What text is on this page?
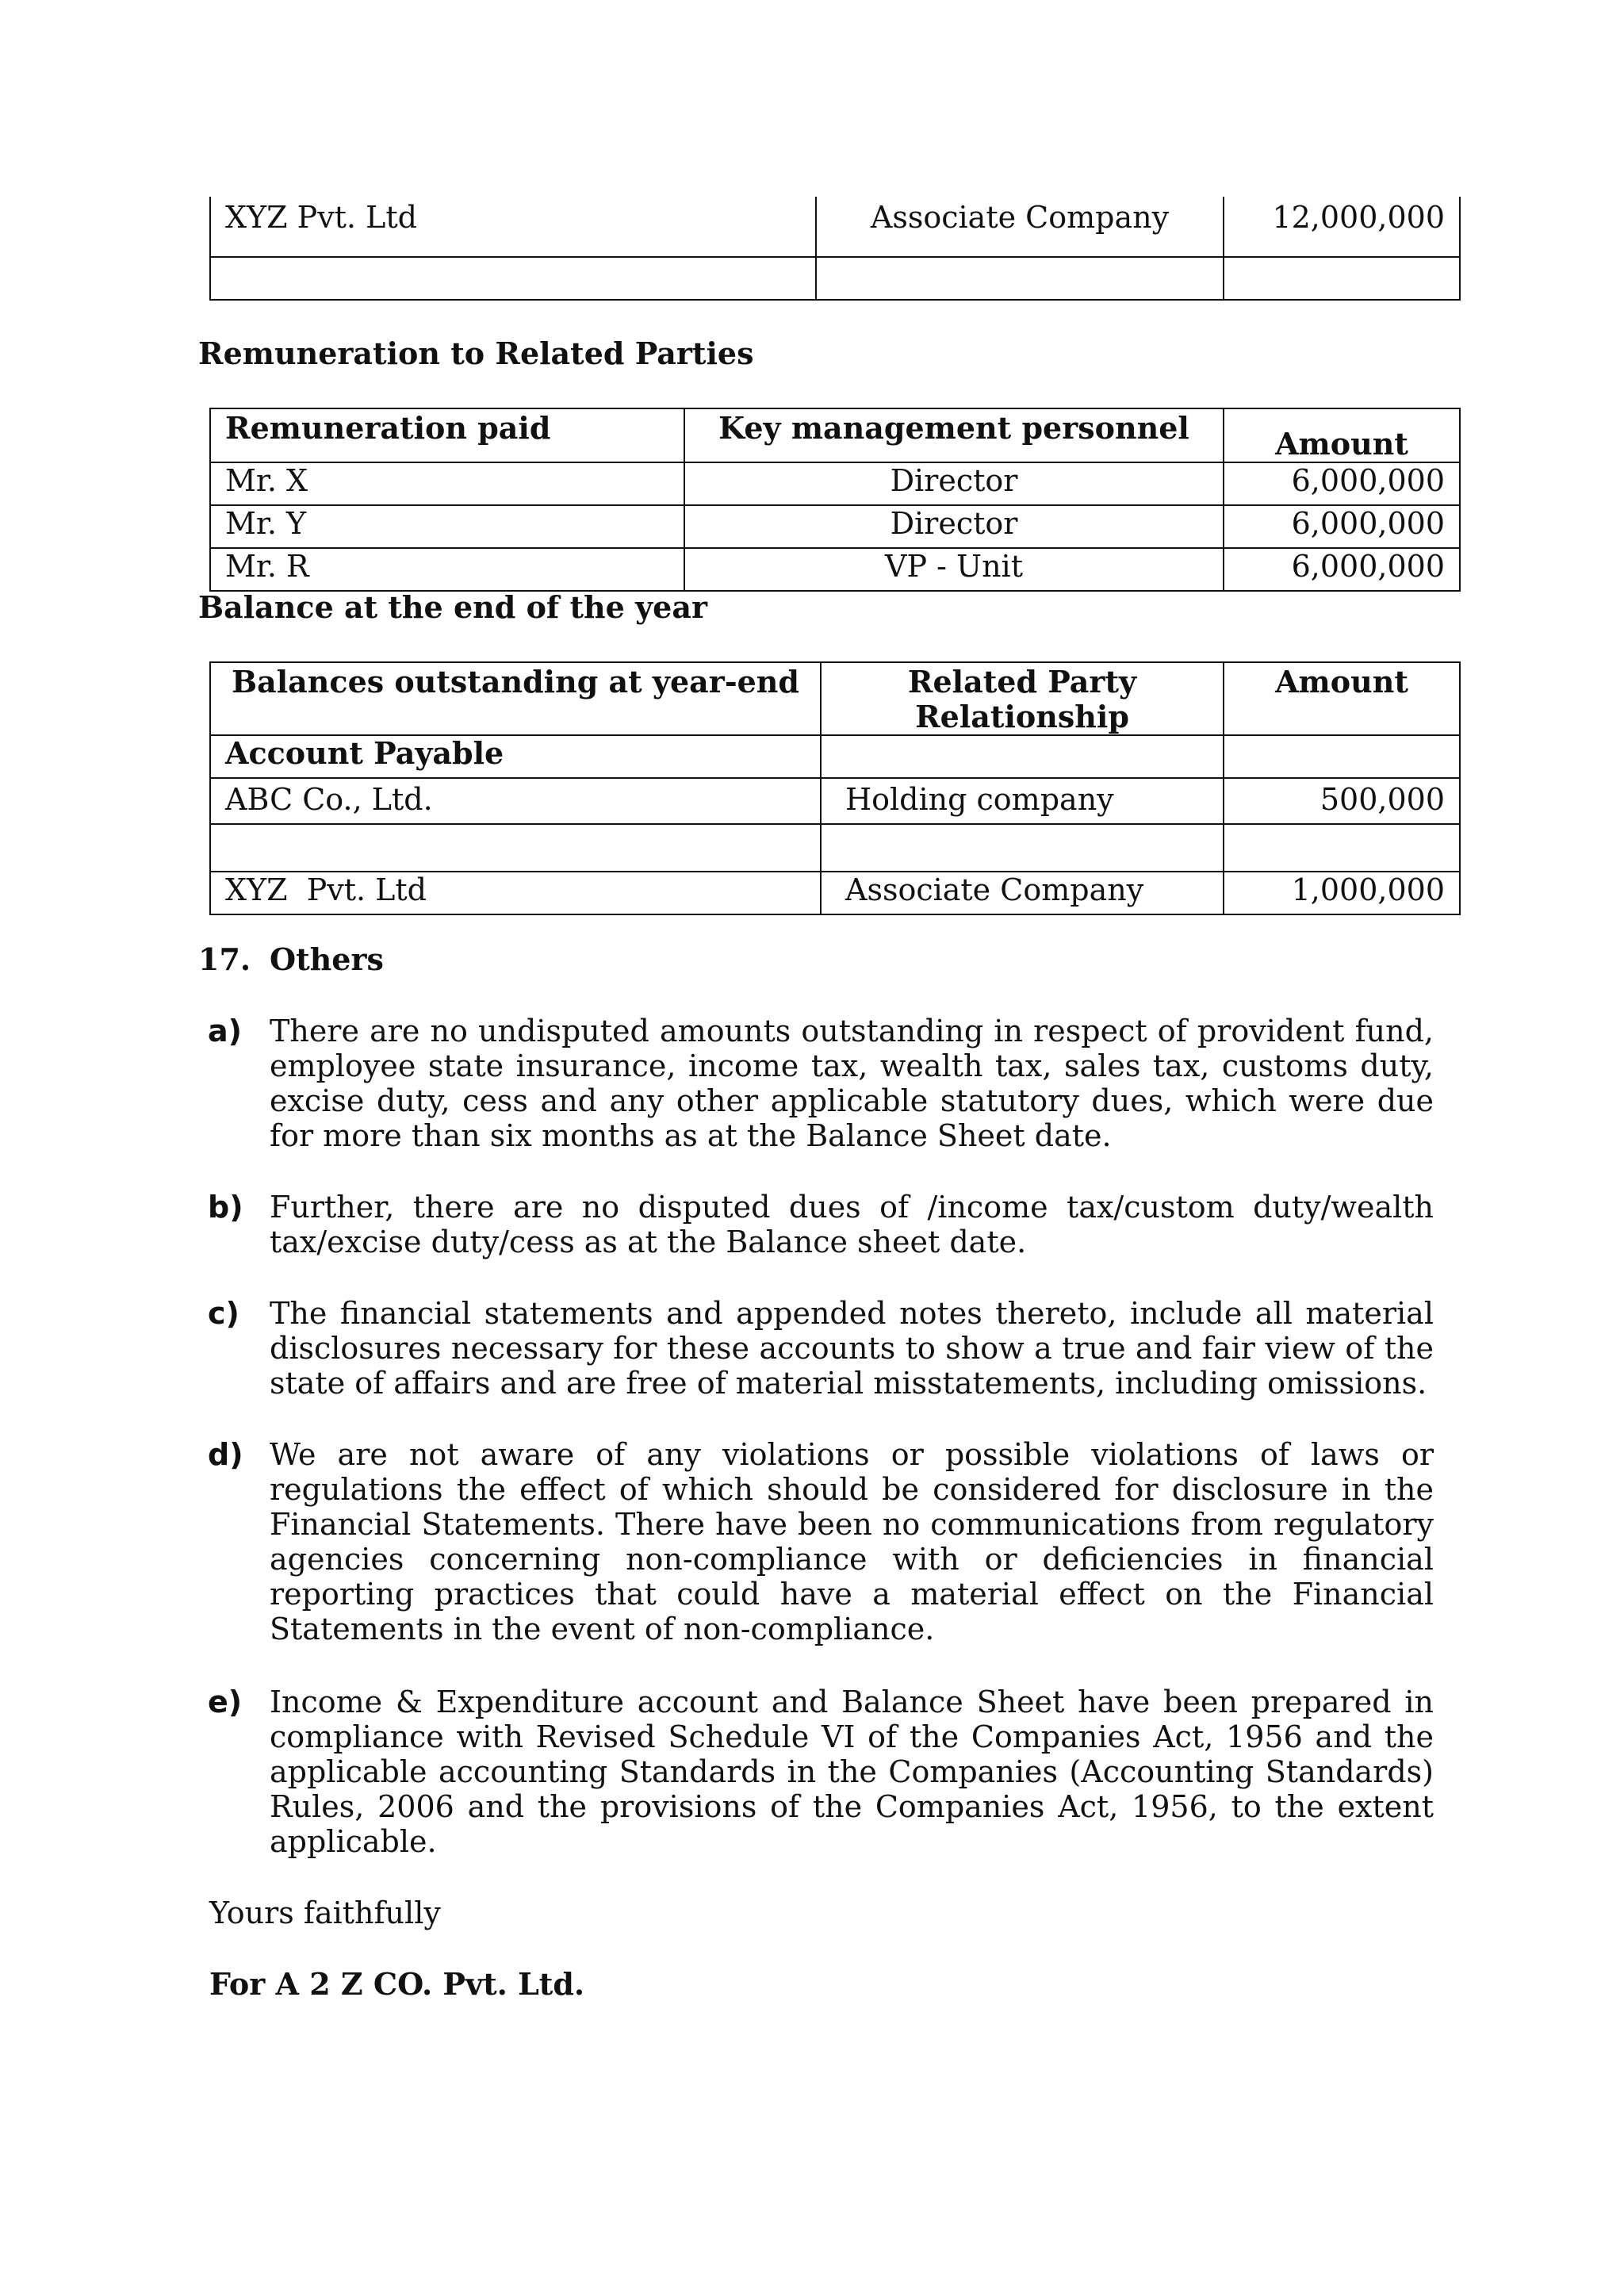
XYZ Pvt. Ltd	Associate Company	12,000,000

Remuneration to Related Parties
Remuneration paid	Key management personnel	Amount
Mr. X	Director	6,000,000
Mr. Y	Director	6,000,000
Mr. R	VP - Unit	6,000,000
Balance at the end of the year
Balances outstanding at year-end	Related Party Relationship	Amount
Account Payable		
ABC Co., Ltd.	Holding company	500,000

XYZ  Pvt. Ltd	Associate Company	1,000,000
17. Others
a) There are no undisputed amounts outstanding in respect of provident fund, employee state insurance, income tax, wealth tax, sales tax, customs duty, excise duty, cess and any other applicable statutory dues, which were due for more than six months as at the Balance Sheet date.
b) Further, there are no disputed dues of /income tax/custom duty/wealth tax/excise duty/cess as at the Balance sheet date.
c) The financial statements and appended notes thereto, include all material disclosures necessary for these accounts to show a true and fair view of the state of affairs and are free of material misstatements, including omissions.
d) We are not aware of any violations or possible violations of laws or regulations the effect of which should be considered for disclosure in the Financial Statements. There have been no communications from regulatory agencies concerning non-compliance with or deficiencies in financial reporting practices that could have a material effect on the Financial Statements in the event of non-compliance.
e) Income & Expenditure account and Balance Sheet have been prepared in compliance with Revised Schedule VI of the Companies Act, 1956 and the applicable accounting Standards in the Companies (Accounting Standards) Rules, 2006 and the provisions of the Companies Act, 1956, to the extent applicable.
Yours faithfully
For A 2 Z CO. Pvt. Ltd.
